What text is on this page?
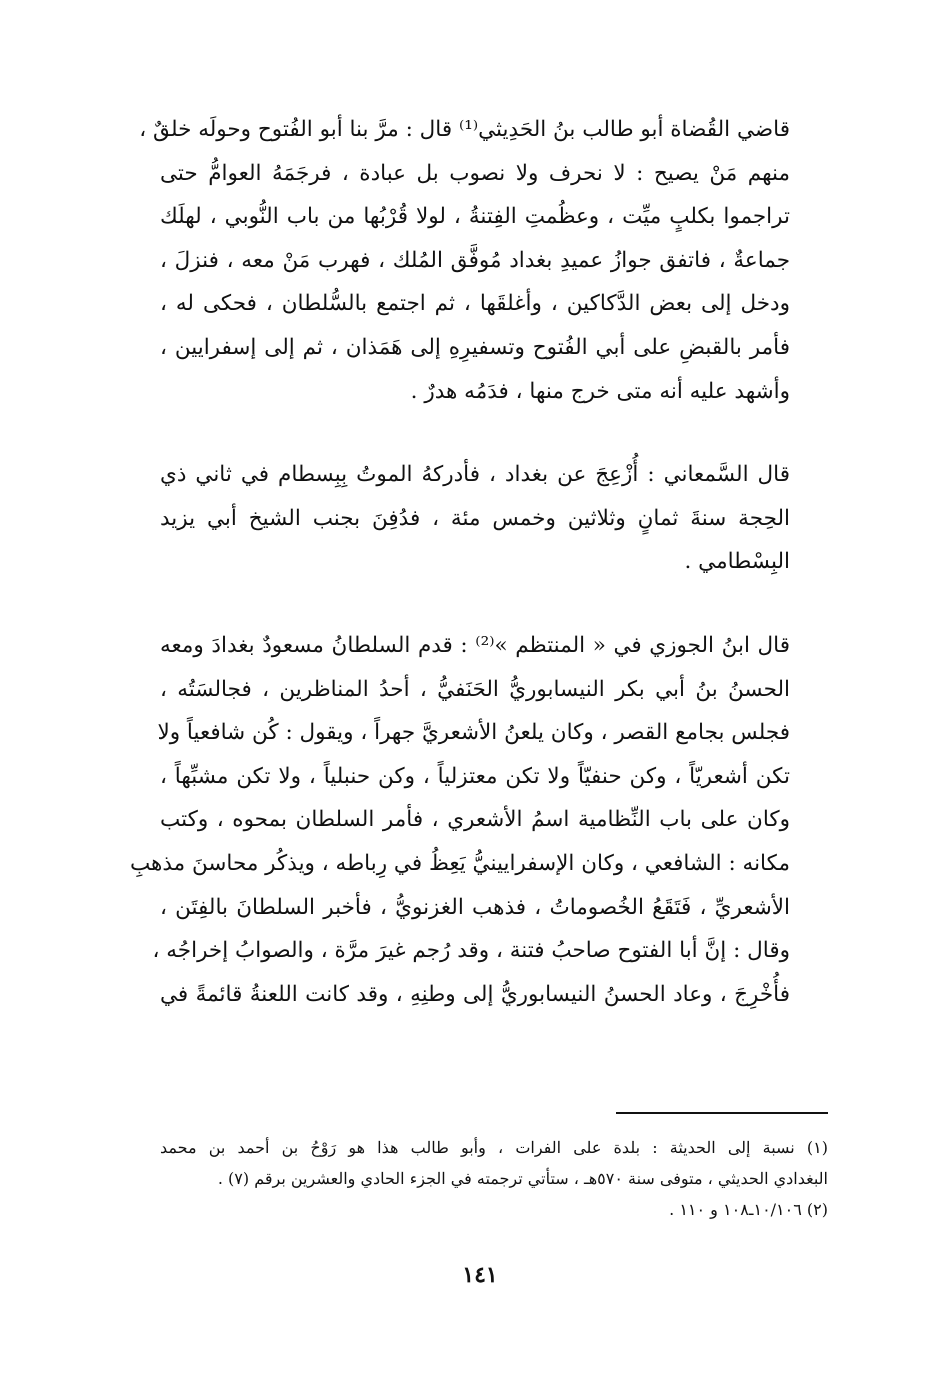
قاضي القُضاة أبو طالب بنُ الحَدِيثي⁽¹⁾ قال : مرَّ بنا أبو الفُتوح وحولَه خلقٌ ،
منهم مَنْ يصيح : لا نحرف ولا نصوب بل عبادة ، فرجَمَهُ العوامُّ حتى
تراجموا بكلبٍ ميِّت ، وعظُمتِ الفِتنةُ ، لولا قُرْبُها من باب النُّوبي ، لهلَك
جماعةٌ ، فاتفق جوازُ عميدِ بغداد مُوفَّق المُلك ، فهرب مَنْ معه ، فنزلَ ،
ودخل إلى بعض الدَّكاكين ، وأغلقَها ، ثم اجتمع بالسُّلطان ، فحكى له ،
فأمر بالقبضِ على أبي الفُتوح وتسفيرِهِ إلى هَمَذان ، ثم إلى إسفرايين ،
وأشهد عليه أنه متى خرج منها ، فدَمُه هدرٌ .

قال السَّمعاني : أُزْعِجَ عن بغداد ، فأدركهُ الموتُ بِبِسطام في ثاني ذي
الحِجة سنةَ ثمانٍ وثلاثين وخمس مئة ، فدُفِنَ بجنب الشيخ أبي يزيد
البِسْطامي .

قال ابنُ الجوزي في « المنتظم »⁽²⁾ : قدم السلطانُ مسعودٌ بغدادَ ومعه
الحسنُ بنُ أبي بكر النيسابوريُّ الحَنَفيُّ ، أحدُ المناظرين ، فجالسَتُه ،
فجلس بجامع القصر ، وكان يلعنُ الأشعريَّ جهراً ، ويقول : كُن شافعياً ولا
تكن أشعريّاً ، وكن حنفيّاً ولا تكن معتزلياً ، وكن حنبلياً ، ولا تكن مشبِّهاً ،
وكان على باب النِّظامية اسمُ الأشعري ، فأمر السلطان بمحوه ، وكتب
مكانه : الشافعي ، وكان الإسفرايينيُّ يَعِظُ في رِباطه ، ويذكُر محاسنَ مذهبِ
الأشعريِّ ، فَتَقَعُ الخُصوماتُ ، فذهب الغزنويُّ ، فأخبر السلطانَ بالفِتَن ،
وقال : إنَّ أبا الفتوح صاحبُ فتنة ، وقد رُجم غيرَ مرَّة ، والصوابُ إخراجُه ،
فأُخْرِجَ ، وعاد الحسنُ النيسابوريُّ إلى وطنِهِ ، وقد كانت اللعنةُ قائمةً في

(١) نسبة إلى الحديثة : بلدة على الفرات ، وأبو طالب هذا هو رَوْحُ بن أحمد بن محمد
البغدادي الحديثي ، متوفى سنة ٥٧٠هـ ، ستأتي ترجمته في الجزء الحادي والعشرين برقم (٧) .
(٢) ١٠/١٠٦ـ١٠٨ و ١١٠ .
١٤١
